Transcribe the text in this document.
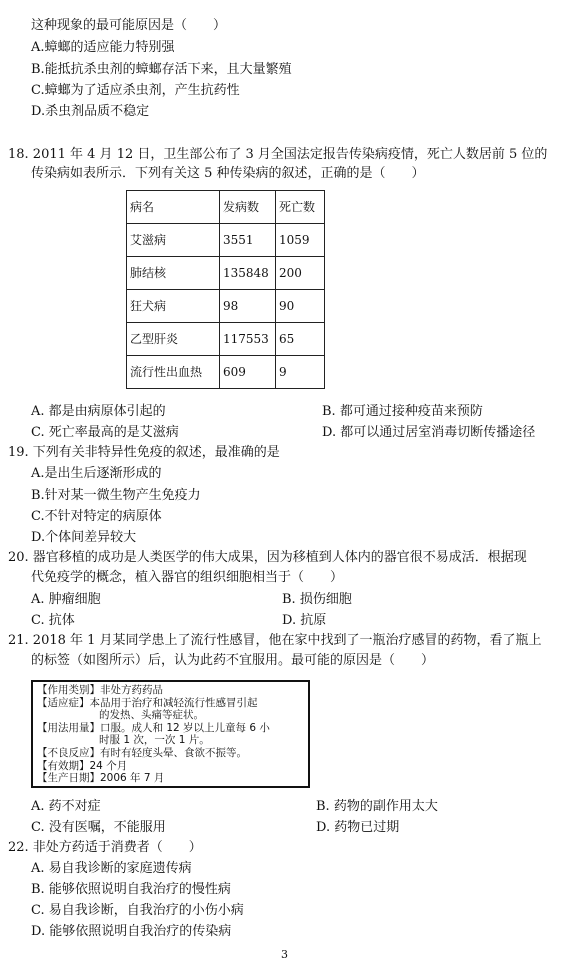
这种现象的最可能原因是（　　）
A.蟑螂的适应能力特别强
B.能抵抗杀虫剂的蟑螂存活下来，且大量繁殖
C.蟑螂为了适应杀虫剂，产生抗药性
D.杀虫剂品质不稳定
18. 2011 年 4 月 12 日，卫生部公布了 3 月全国法定报告传染病疫情，死亡人数居前 5 位的
传染病如表所示．下列有关这 5 种传染病的叙述，正确的是（　　）
病名	发病数	死亡数
艾滋病	3551	1059
肺结核	135848	200
狂犬病	98	90
乙型肝炎	117553	65
流行性出血热	609	9
A. 都是由病原体引起的	B. 都可通过接种疫苗来预防
C. 死亡率最高的是艾滋病	D. 都可以通过居室消毒切断传播途径
19. 下列有关非特异性免疫的叙述，最准确的是
A.是出生后逐渐形成的
B.针对某一微生物产生免疫力
C.不针对特定的病原体
D.个体间差异较大
20. 器官移植的成功是人类医学的伟大成果，因为移植到人体内的器官很不易成活．根据现
代免疫学的概念，植入器官的组织细胞相当于（　　）
A. 肿瘤细胞	B. 损伤细胞
C. 抗体	D. 抗原
21. 2018 年 1 月某同学患上了流行性感冒，他在家中找到了一瓶治疗感冒的药物，看了瓶上
的标签（如图所示）后，认为此药不宜服用。最可能的原因是（　　）
【作用类别】非处方药药品
【适应症】本品用于治疗和减轻流行性感冒引起
的发热、头痛等症状。
【用法用量】口服。成人和 12 岁以上儿童每 6 小
时服 1 次，一次 1 片。
【不良反应】有时有轻度头晕、食欲不振等。
【有效期】24 个月
【生产日期】2006 年 7 月
A. 药不对症	B. 药物的副作用太大
C. 没有医嘱，不能服用	D. 药物已过期
22. 非处方药适于消费者（　　）
A. 易自我诊断的家庭遗传病
B. 能够依照说明自我治疗的慢性病
C. 易自我诊断，自我治疗的小伤小病
D. 能够依照说明自我治疗的传染病
3
